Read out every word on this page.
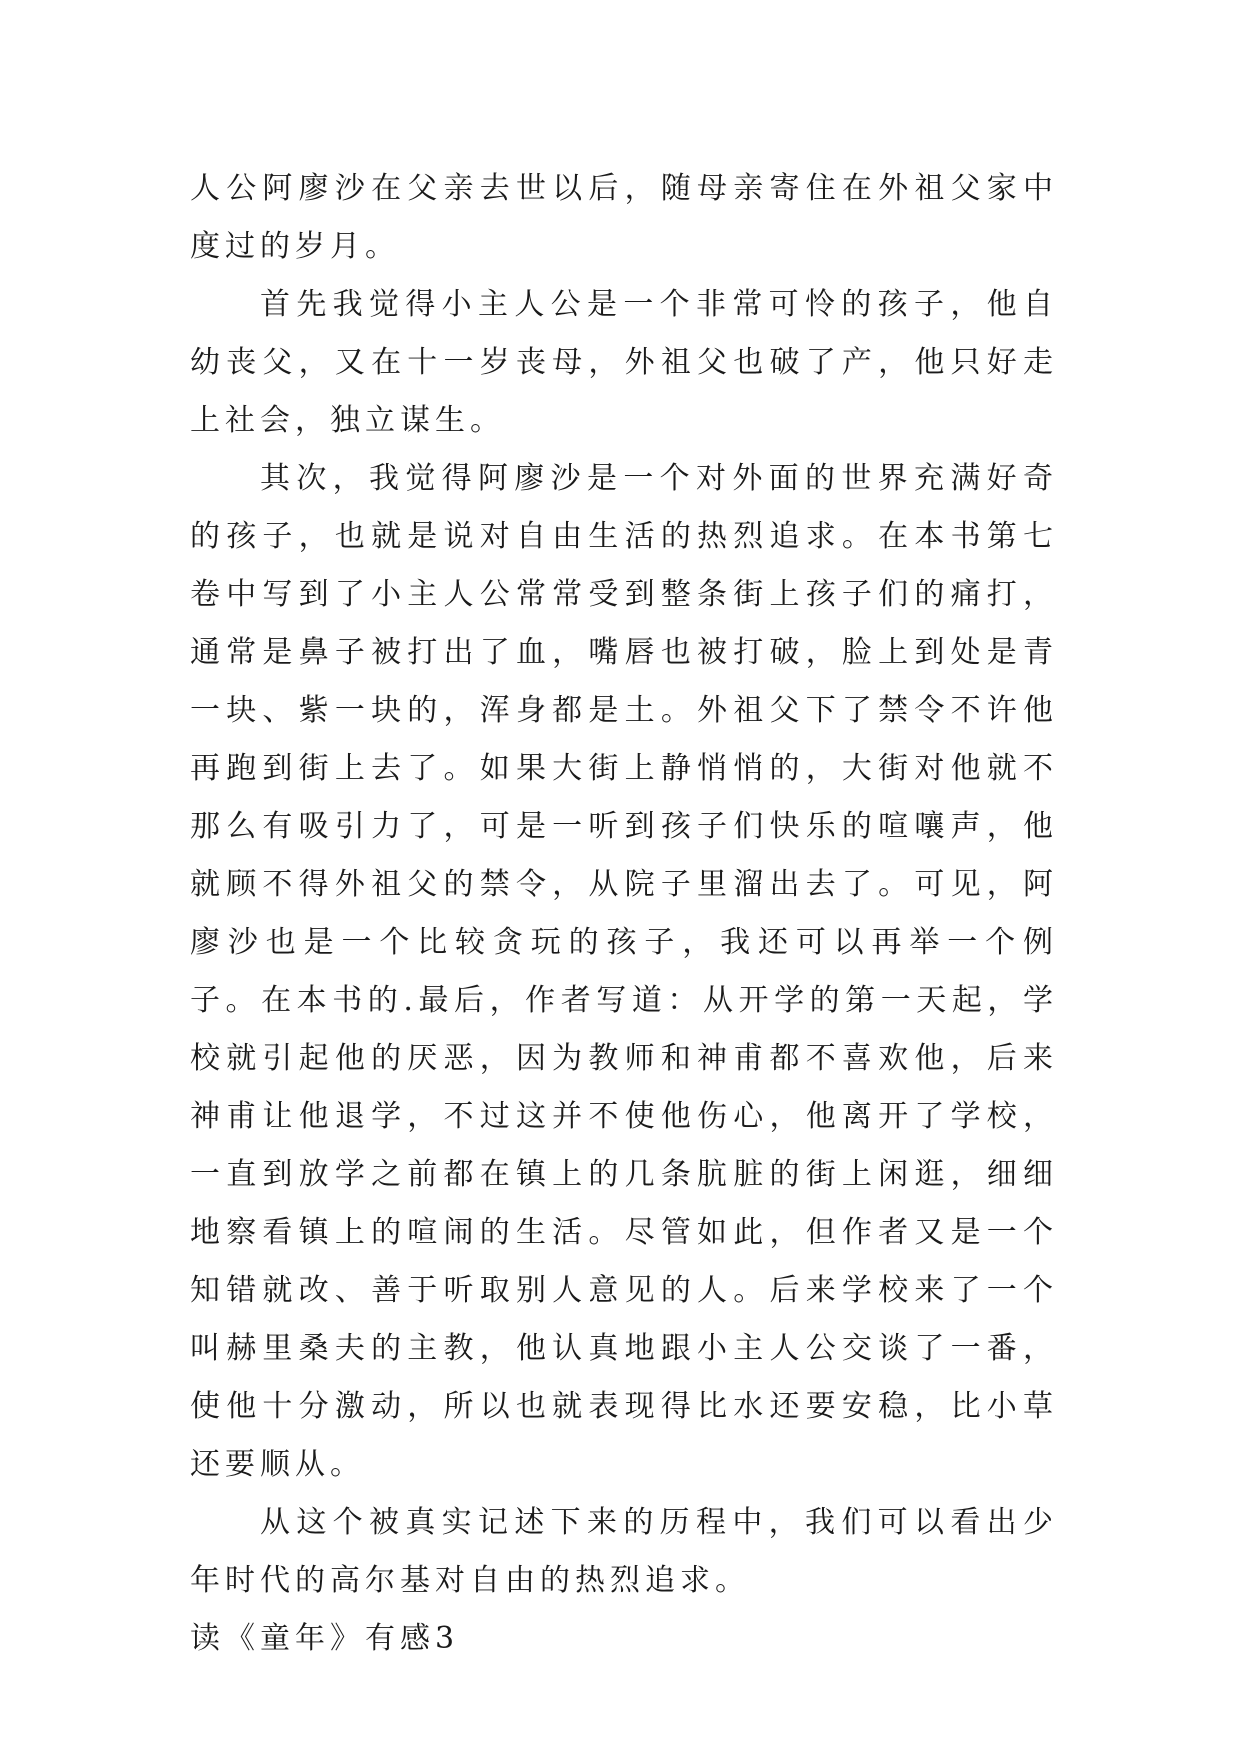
人公阿廖沙在父亲去世以后，随母亲寄住在外祖父家中度过的岁月。

首先我觉得小主人公是一个非常可怜的孩子，他自幼丧父，又在十一岁丧母，外祖父也破了产，他只好走上社会，独立谋生。

其次，我觉得阿廖沙是一个对外面的世界充满好奇的孩子，也就是说对自由生活的热烈追求。在本书第七卷中写到了小主人公常常受到整条街上孩子们的痛打，通常是鼻子被打出了血，嘴唇也被打破，脸上到处是青一块、紫一块的，浑身都是土。外祖父下了禁令不许他再跑到街上去了。如果大街上静悄悄的，大街对他就不那么有吸引力了，可是一听到孩子们快乐的喧嚷声，他就顾不得外祖父的禁令，从院子里溜出去了。可见，阿廖沙也是一个比较贪玩的孩子，我还可以再举一个例子。在本书的.最后，作者写道：从开学的第一天起，学校就引起他的厌恶，因为教师和神甫都不喜欢他，后来神甫让他退学，不过这并不使他伤心，他离开了学校，一直到放学之前都在镇上的几条肮脏的街上闲逛，细细地察看镇上的喧闹的生活。尽管如此，但作者又是一个知错就改、善于听取别人意见的人。后来学校来了一个叫赫里桑夫的主教，他认真地跟小主人公交谈了一番，使他十分激动，所以也就表现得比水还要安稳，比小草还要顺从。

从这个被真实记述下来的历程中，我们可以看出少年时代的高尔基对自由的热烈追求。

读《童年》有感3
